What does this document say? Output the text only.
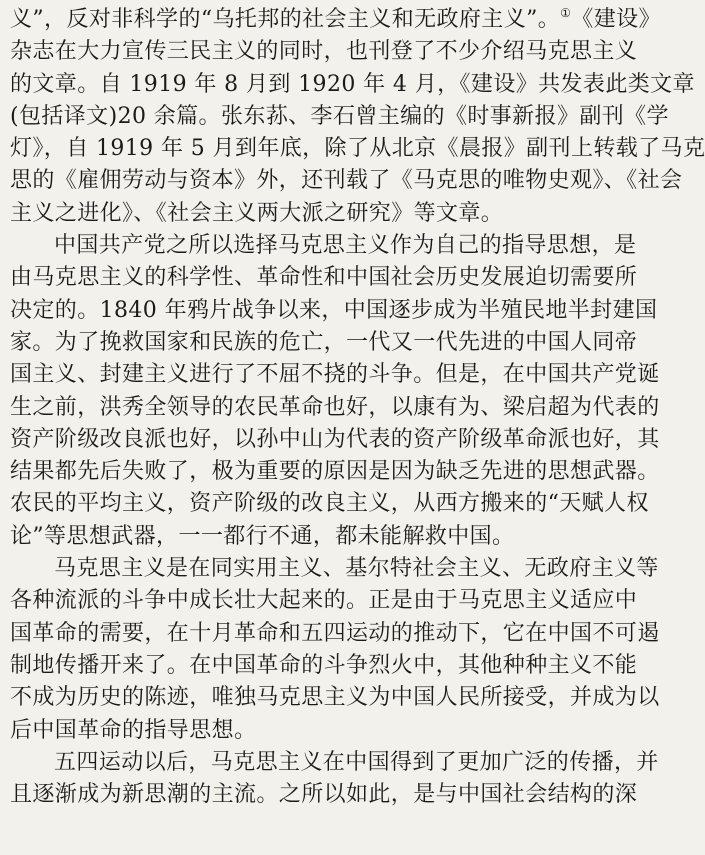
义”，反对非科学的“乌托邦的社会主义和无政府主义”。①《建设》
杂志在大力宣传三民主义的同时，也刊登了不少介绍马克思主义
的文章。自 1919 年 8 月到 1920 年 4 月，《建设》共发表此类文章
(包括译文)20 余篇。张东荪、李石曾主编的《时事新报》副刊《学
灯》，自 1919 年 5 月到年底，除了从北京《晨报》副刊上转载了马克
思的《雇佣劳动与资本》外，还刊载了《马克思的唯物史观》、《社会
主义之进化》、《社会主义两大派之研究》等文章。
中国共产党之所以选择马克思主义作为自己的指导思想，是
由马克思主义的科学性、革命性和中国社会历史发展迫切需要所
决定的。1840 年鸦片战争以来，中国逐步成为半殖民地半封建国
家。为了挽救国家和民族的危亡，一代又一代先进的中国人同帝
国主义、封建主义进行了不屈不挠的斗争。但是，在中国共产党诞
生之前，洪秀全领导的农民革命也好，以康有为、梁启超为代表的
资产阶级改良派也好，以孙中山为代表的资产阶级革命派也好，其
结果都先后失败了，极为重要的原因是因为缺乏先进的思想武器。
农民的平均主义，资产阶级的改良主义，从西方搬来的“天赋人权
论”等思想武器，一一都行不通，都未能解救中国。
马克思主义是在同实用主义、基尔特社会主义、无政府主义等
各种流派的斗争中成长壮大起来的。正是由于马克思主义适应中
国革命的需要，在十月革命和五四运动的推动下，它在中国不可遏
制地传播开来了。在中国革命的斗争烈火中，其他种种主义不能
不成为历史的陈迹，唯独马克思主义为中国人民所接受，并成为以
后中国革命的指导思想。
五四运动以后，马克思主义在中国得到了更加广泛的传播，并
且逐渐成为新思潮的主流。之所以如此，是与中国社会结构的深
